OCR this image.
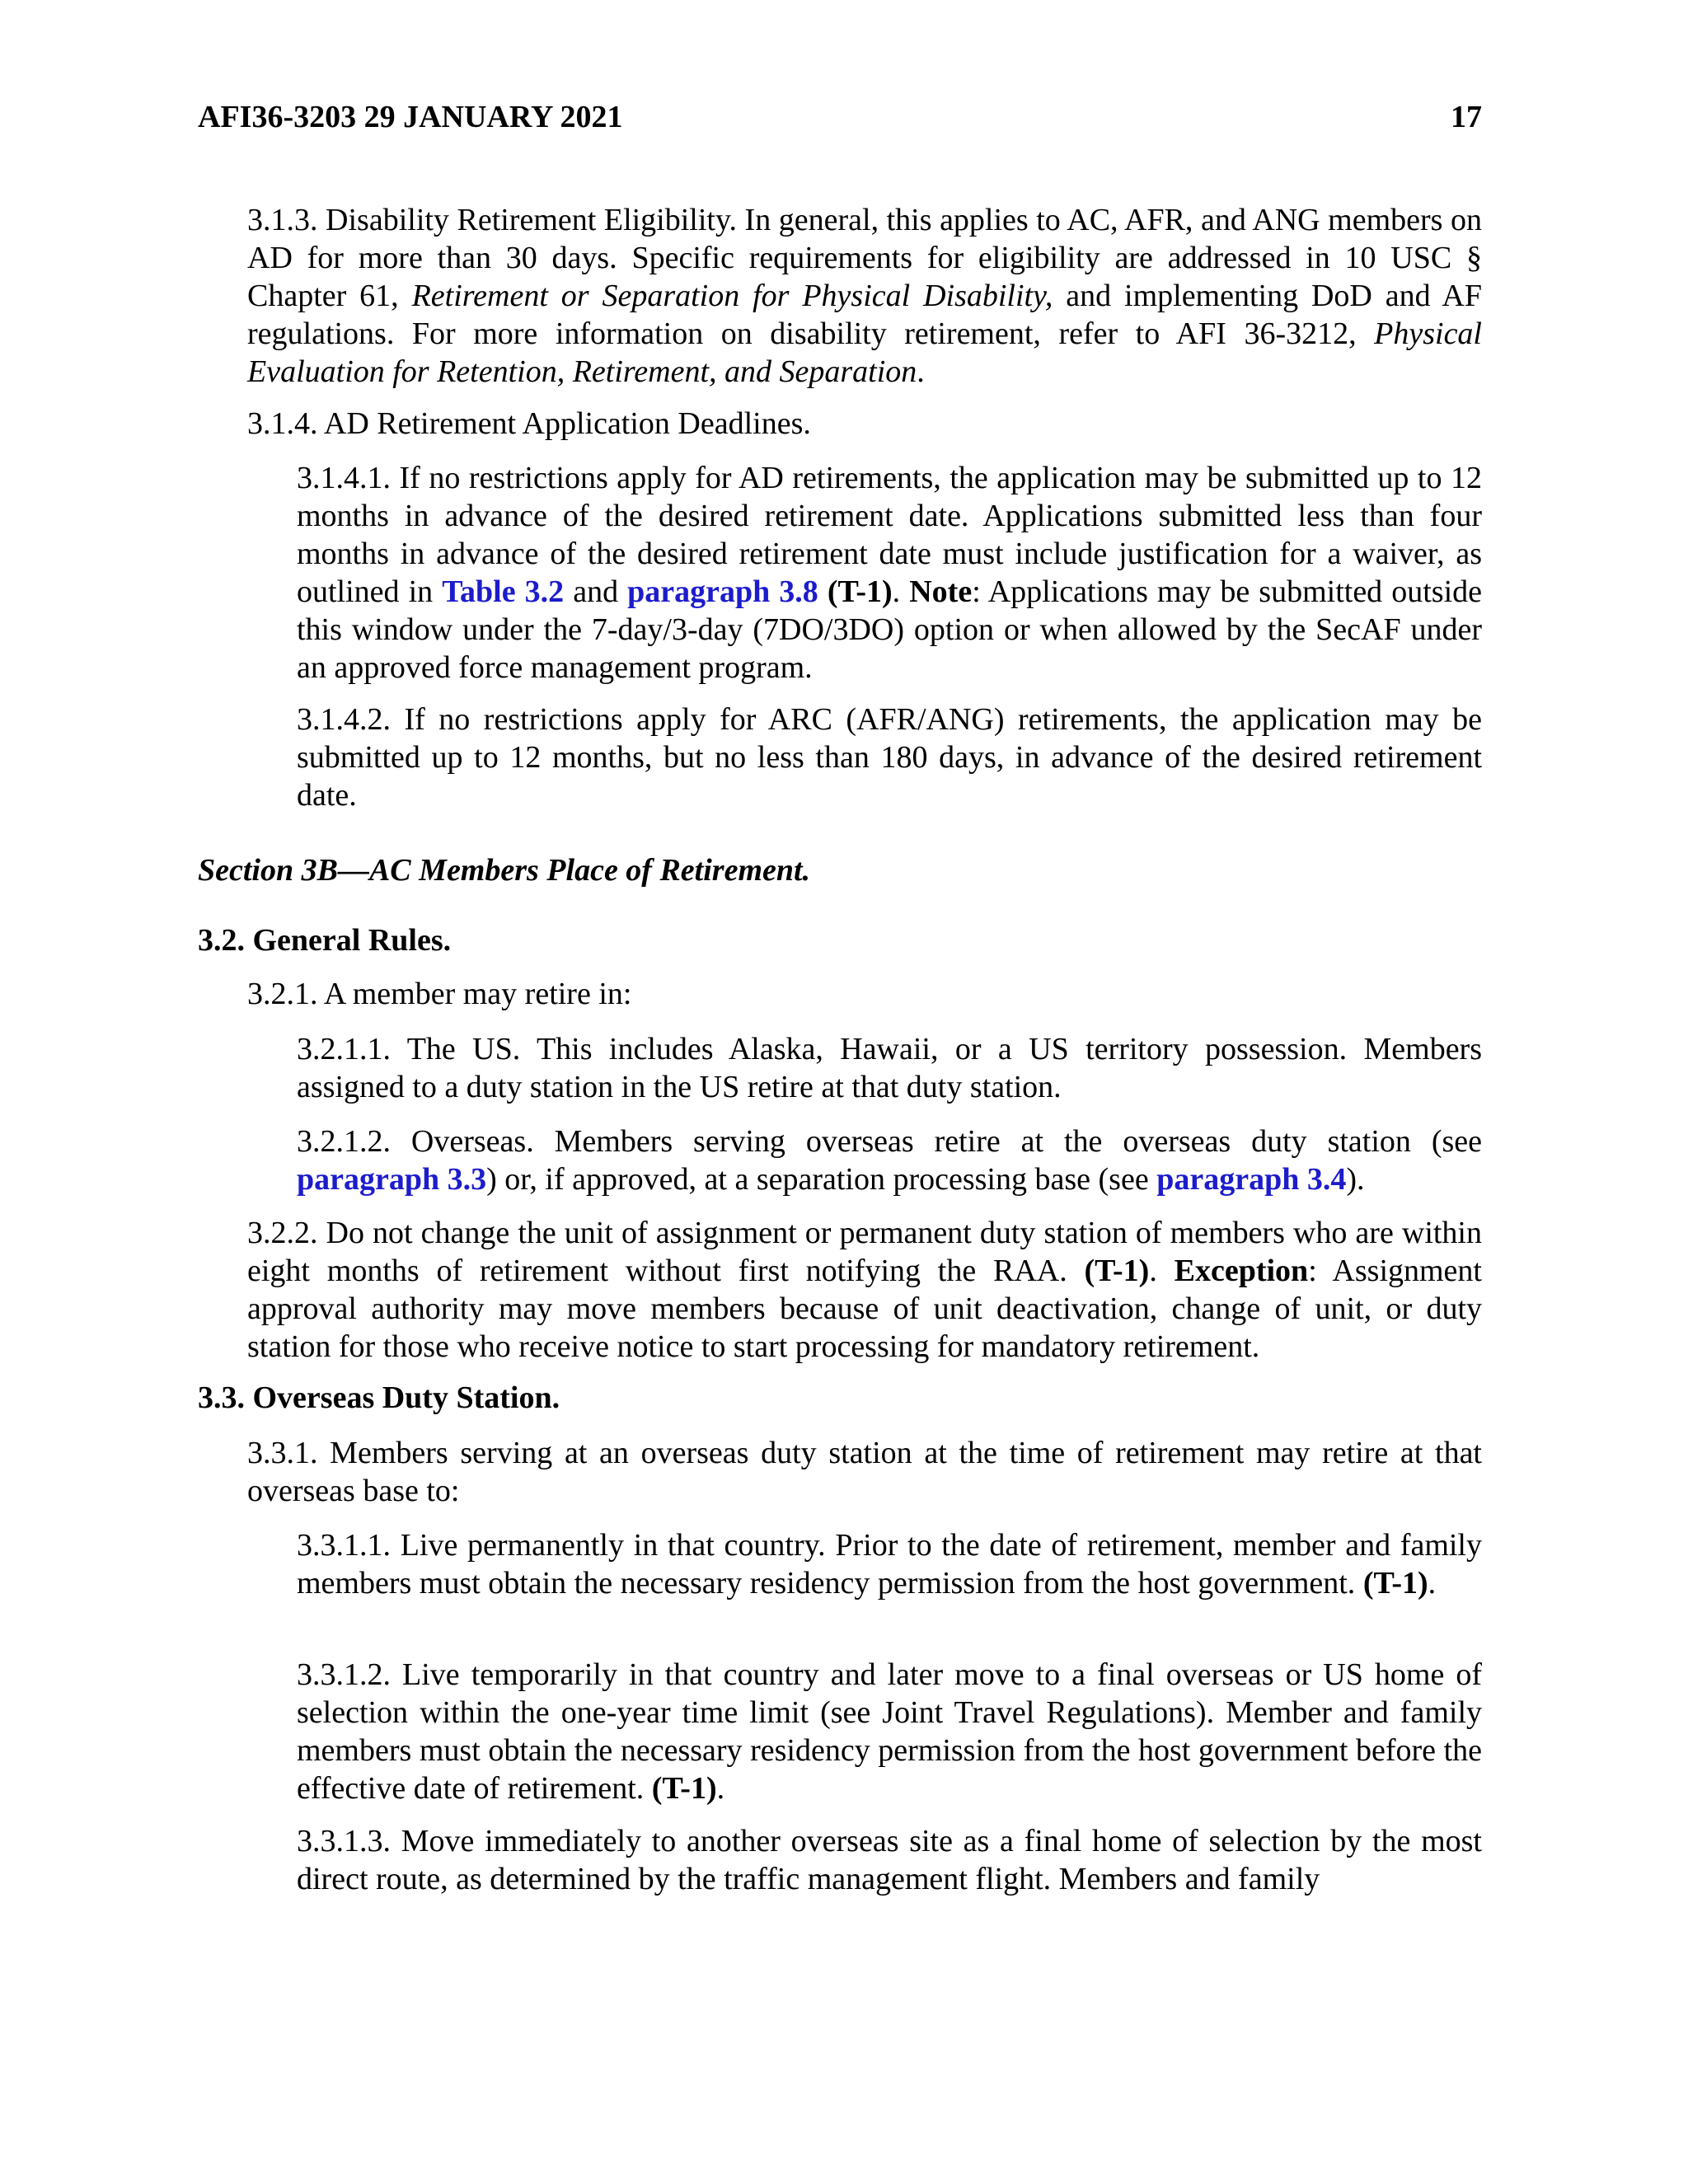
AFI36-3203 29 JANUARY 2021	17
3.1.3. Disability Retirement Eligibility. In general, this applies to AC, AFR, and ANG members on AD for more than 30 days. Specific requirements for eligibility are addressed in 10 USC § Chapter 61, Retirement or Separation for Physical Disability, and implementing DoD and AF regulations. For more information on disability retirement, refer to AFI 36-3212, Physical Evaluation for Retention, Retirement, and Separation.
3.1.4. AD Retirement Application Deadlines.
3.1.4.1. If no restrictions apply for AD retirements, the application may be submitted up to 12 months in advance of the desired retirement date. Applications submitted less than four months in advance of the desired retirement date must include justification for a waiver, as outlined in Table 3.2 and paragraph 3.8 (T-1). Note: Applications may be submitted outside this window under the 7-day/3-day (7DO/3DO) option or when allowed by the SecAF under an approved force management program.
3.1.4.2. If no restrictions apply for ARC (AFR/ANG) retirements, the application may be submitted up to 12 months, but no less than 180 days, in advance of the desired retirement date.
Section 3B—AC Members Place of Retirement.
3.2. General Rules.
3.2.1. A member may retire in:
3.2.1.1. The US. This includes Alaska, Hawaii, or a US territory possession. Members assigned to a duty station in the US retire at that duty station.
3.2.1.2. Overseas. Members serving overseas retire at the overseas duty station (see paragraph 3.3) or, if approved, at a separation processing base (see paragraph 3.4).
3.2.2. Do not change the unit of assignment or permanent duty station of members who are within eight months of retirement without first notifying the RAA. (T-1). Exception: Assignment approval authority may move members because of unit deactivation, change of unit, or duty station for those who receive notice to start processing for mandatory retirement.
3.3. Overseas Duty Station.
3.3.1. Members serving at an overseas duty station at the time of retirement may retire at that overseas base to:
3.3.1.1. Live permanently in that country. Prior to the date of retirement, member and family members must obtain the necessary residency permission from the host government. (T-1).
3.3.1.2. Live temporarily in that country and later move to a final overseas or US home of selection within the one-year time limit (see Joint Travel Regulations). Member and family members must obtain the necessary residency permission from the host government before the effective date of retirement. (T-1).
3.3.1.3. Move immediately to another overseas site as a final home of selection by the most direct route, as determined by the traffic management flight. Members and family
